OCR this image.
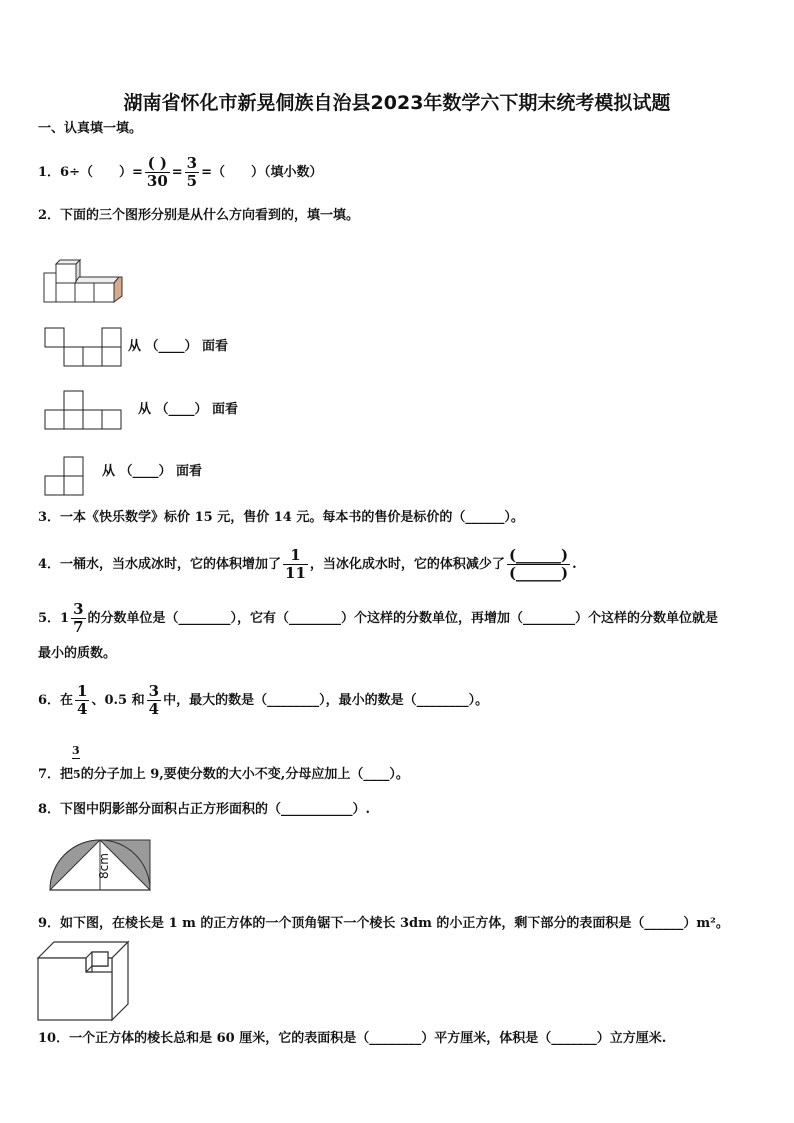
湖南省怀化市新晃侗族自治县2023年数学六下期末统考模拟试题
一、认真填一填。
1．6÷（　　）= $\frac{( )}{30} = \frac{3}{5}$ =（　　）（填小数）
2．下面的三个图形分别是从什么方向看到的，填一填。
从 （____） 面看
从 （____） 面看
从 （____） 面看
3．一本《快乐数学》标价 15 元，售价 14 元。每本书的售价是标价的（______）。
4．一桶水，当水成冰时，它的体积增加了 $\frac{1}{11}$ ，当冰化成水时，它的体积减少了 $\frac{(\_\_\_\_\_\_)}{(\_\_\_\_\_\_)}$ .
5．$1 \frac{3}{7}$ 的分数单位是（________），它有（________）个这样的分数单位，再增加（________）个这样的分数单位就是
最小的质数。
6．在 $\frac{1}{4}$ 、0.5 和 $\frac{3}{4}$ 中，最大的数是（________），最小的数是（________）。
3
7．把5的分子加上 9,要使分数的大小不变,分母应加上（____）。
8．下图中阴影部分面积占正方形面积的（___________）.
8cm
9．如下图，在棱长是 1 m 的正方体的一个顶角锯下一个棱长 3dm 的小正方体，剩下部分的表面积是（______）m²。
10．一个正方体的棱长总和是 60 厘米，它的表面积是（________）平方厘米，体积是（_______）立方厘米.
